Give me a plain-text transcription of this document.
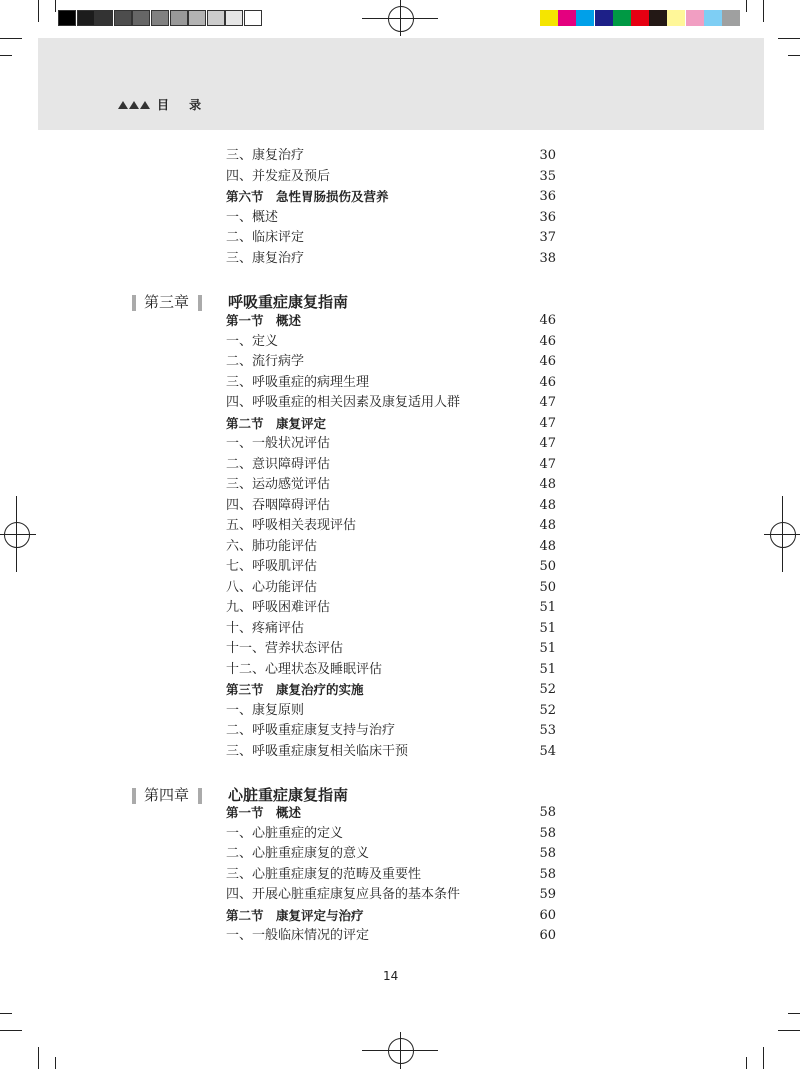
目 录
三、康复治疗	30
四、并发症及预后	35
第六节　急性胃肠损伤及营养	36
一、概述	36
二、临床评定	37
三、康复治疗	38
第三章	呼吸重症康复指南
第一节　概述	46
一、定义	46
二、流行病学	46
三、呼吸重症的病理生理	46
四、呼吸重症的相关因素及康复适用人群	47
第二节　康复评定	47
一、一般状况评估	47
二、意识障碍评估	47
三、运动感觉评估	48
四、吞咽障碍评估	48
五、呼吸相关表现评估	48
六、肺功能评估	48
七、呼吸肌评估	50
八、心功能评估	50
九、呼吸困难评估	51
十、疼痛评估	51
十一、营养状态评估	51
十二、心理状态及睡眠评估	51
第三节　康复治疗的实施	52
一、康复原则	52
二、呼吸重症康复支持与治疗	53
三、呼吸重症康复相关临床干预	54
第四章	心脏重症康复指南
第一节　概述	58
一、心脏重症的定义	58
二、心脏重症康复的意义	58
三、心脏重症康复的范畴及重要性	58
四、开展心脏重症康复应具备的基本条件	59
第二节　康复评定与治疗	60
一、一般临床情况的评定	60
14
